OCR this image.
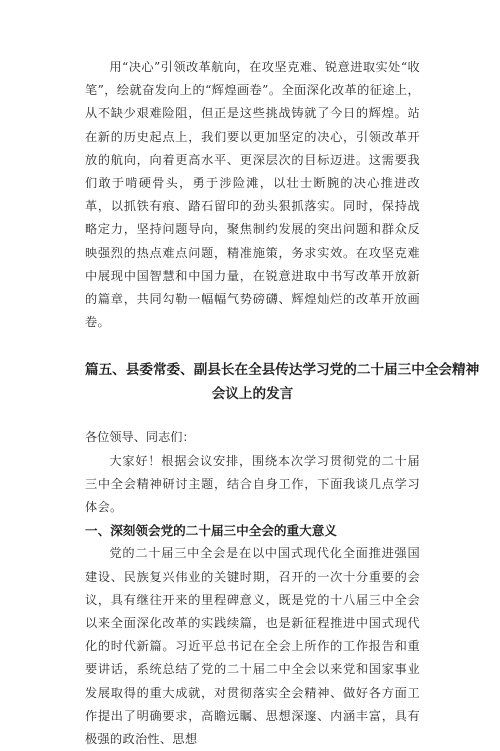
用“决心”引领改革航向，在攻坚克难、锐意进取实处“收笔”，绘就奋发向上的“辉煌画卷”。全面深化改革的征途上，从不缺少艰难险阻，但正是这些挑战铸就了今日的辉煌。站在新的历史起点上，我们要以更加坚定的决心，引领改革开放的航向，向着更高水平、更深层次的目标迈进。这需要我们敢于啃硬骨头，勇于涉险滩，以壮士断腕的决心推进改革，以抓铁有痕、踏石留印的劲头狠抓落实。同时，保持战略定力，坚持问题导向，聚焦制约发展的突出问题和群众反映强烈的热点难点问题，精准施策，务求实效。在攻坚克难中展现中国智慧和中国力量，在锐意进取中书写改革开放新的篇章，共同勾勒一幅幅气势磅礴、辉煌灿烂的改革开放画卷。

篇五、县委常委、副县长在全县传达学习党的二十届三中全会精神
会议上的发言

各位领导、同志们：

大家好！根据会议安排，围绕本次学习贯彻党的二十届三中全会精神研讨主题，结合自身工作，下面我谈几点学习体会。

一、深刻领会党的二十届三中全会的重大意义

党的二十届三中全会是在以中国式现代化全面推进强国建设、民族复兴伟业的关键时期，召开的一次十分重要的会议，具有继往开来的里程碑意义，既是党的十八届三中全会以来全面深化改革的实践续篇，也是新征程推进中国式现代化的时代新篇。习近平总书记在全会上所作的工作报告和重要讲话，系统总结了党的二十届二中全会以来党和国家事业发展取得的重大成就，对贯彻落实全会精神、做好各方面工作提出了明确要求，高瞻远瞩、思想深邃、内涵丰富，具有极强的政治性、思想
